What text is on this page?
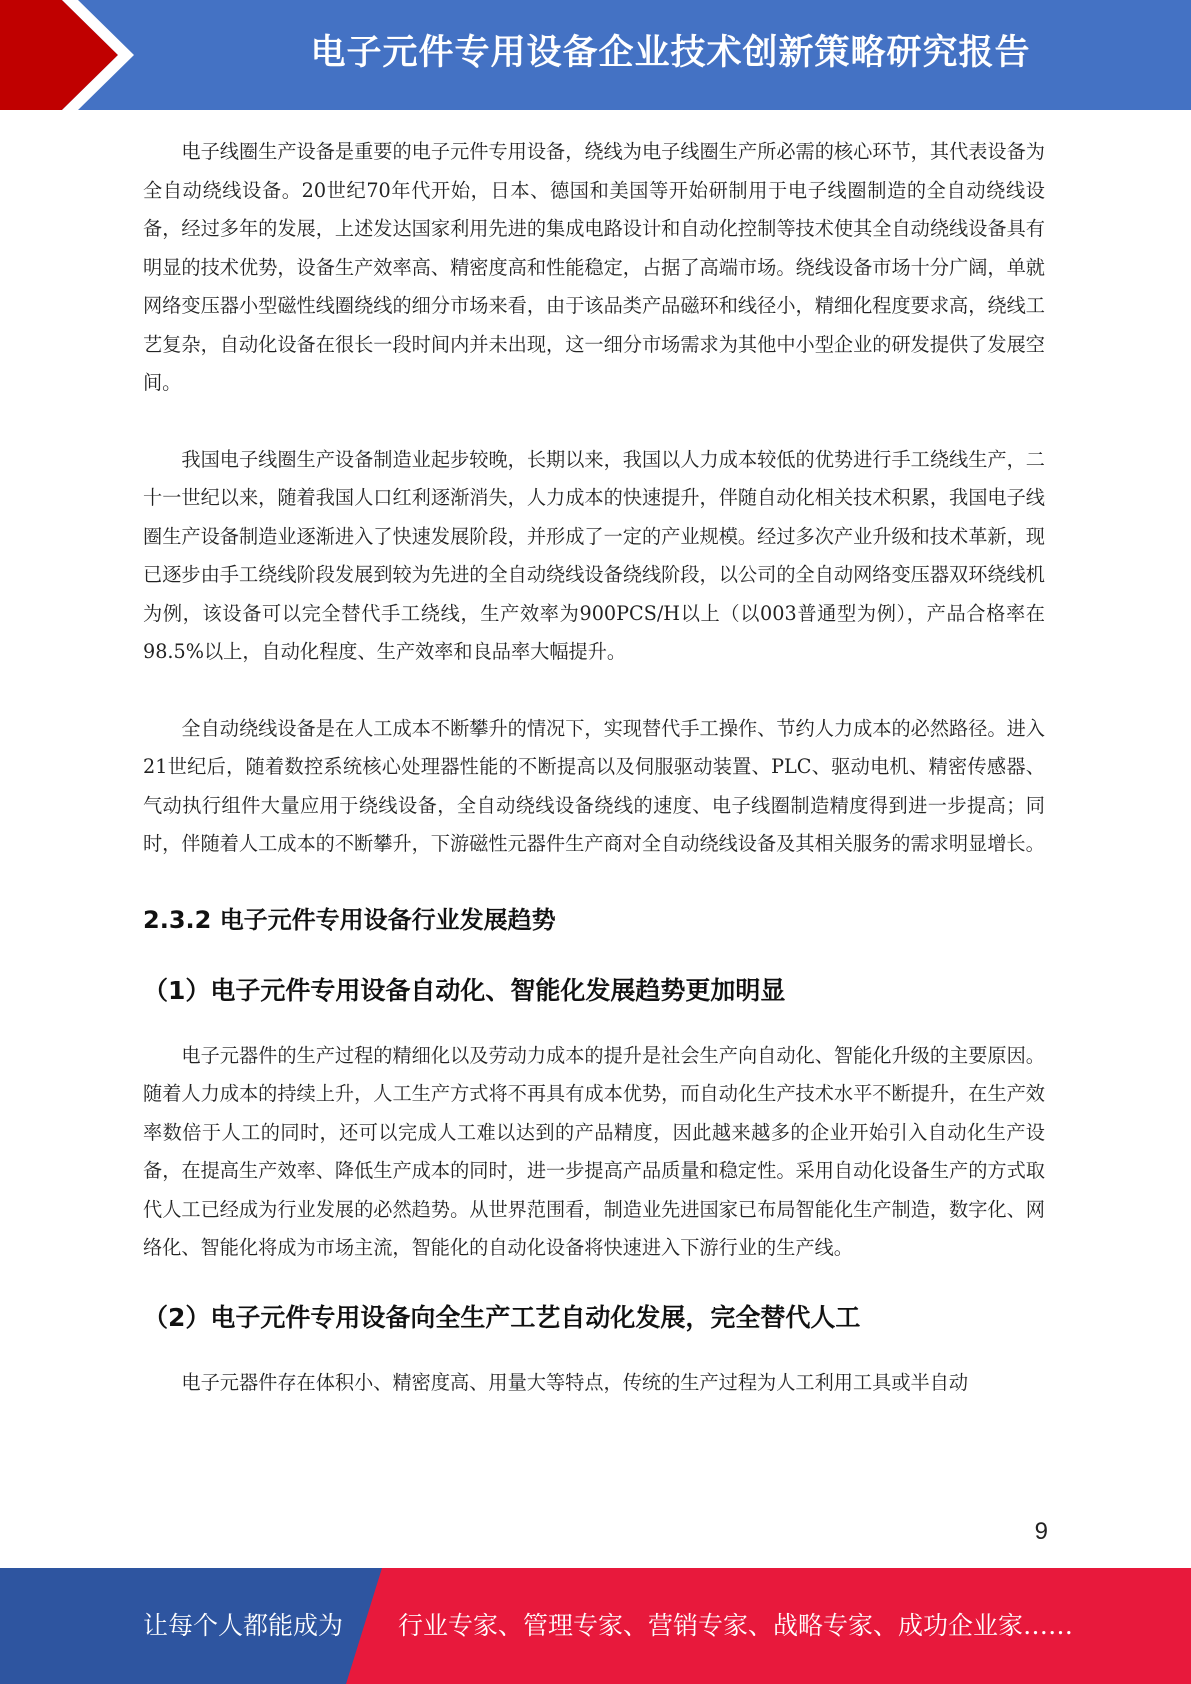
电子元件专用设备企业技术创新策略研究报告

电子线圈生产设备是重要的电子元件专用设备，绕线为电子线圈生产所必需的核心环节，其代表设备为全自动绕线设备。20世纪70年代开始，日本、德国和美国等开始研制用于电子线圈制造的全自动绕线设备，经过多年的发展，上述发达国家利用先进的集成电路设计和自动化控制等技术使其全自动绕线设备具有明显的技术优势，设备生产效率高、精密度高和性能稳定，占据了高端市场。绕线设备市场十分广阔，单就网络变压器小型磁性线圈绕线的细分市场来看，由于该品类产品磁环和线径小，精细化程度要求高，绕线工艺复杂，自动化设备在很长一段时间内并未出现，这一细分市场需求为其他中小型企业的研发提供了发展空间。

我国电子线圈生产设备制造业起步较晚，长期以来，我国以人力成本较低的优势进行手工绕线生产，二十一世纪以来，随着我国人口红利逐渐消失，人力成本的快速提升，伴随自动化相关技术积累，我国电子线圈生产设备制造业逐渐进入了快速发展阶段，并形成了一定的产业规模。经过多次产业升级和技术革新，现已逐步由手工绕线阶段发展到较为先进的全自动绕线设备绕线阶段，以公司的全自动网络变压器双环绕线机为例，该设备可以完全替代手工绕线，生产效率为900PCS/H以上（以003普通型为例），产品合格率在98.5%以上，自动化程度、生产效率和良品率大幅提升。

全自动绕线设备是在人工成本不断攀升的情况下，实现替代手工操作、节约人力成本的必然路径。进入21世纪后，随着数控系统核心处理器性能的不断提高以及伺服驱动装置、PLC、驱动电机、精密传感器、气动执行组件大量应用于绕线设备，全自动绕线设备绕线的速度、电子线圈制造精度得到进一步提高；同时，伴随着人工成本的不断攀升，下游磁性元器件生产商对全自动绕线设备及其相关服务的需求明显增长。

2.3.2 电子元件专用设备行业发展趋势
（1）电子元件专用设备自动化、智能化发展趋势更加明显

电子元器件的生产过程的精细化以及劳动力成本的提升是社会生产向自动化、智能化升级的主要原因。随着人力成本的持续上升，人工生产方式将不再具有成本优势，而自动化生产技术水平不断提升，在生产效率数倍于人工的同时，还可以完成人工难以达到的产品精度，因此越来越多的企业开始引入自动化生产设备，在提高生产效率、降低生产成本的同时，进一步提高产品质量和稳定性。采用自动化设备生产的方式取代人工已经成为行业发展的必然趋势。从世界范围看，制造业先进国家已布局智能化生产制造，数字化、网络化、智能化将成为市场主流，智能化的自动化设备将快速进入下游行业的生产线。

（2）电子元件专用设备向全生产工艺自动化发展，完全替代人工

电子元器件存在体积小、精密度高、用量大等特点，传统的生产过程为人工利用工具或半自动

9
让每个人都能成为 行业专家、管理专家、营销专家、战略专家、成功企业家……
